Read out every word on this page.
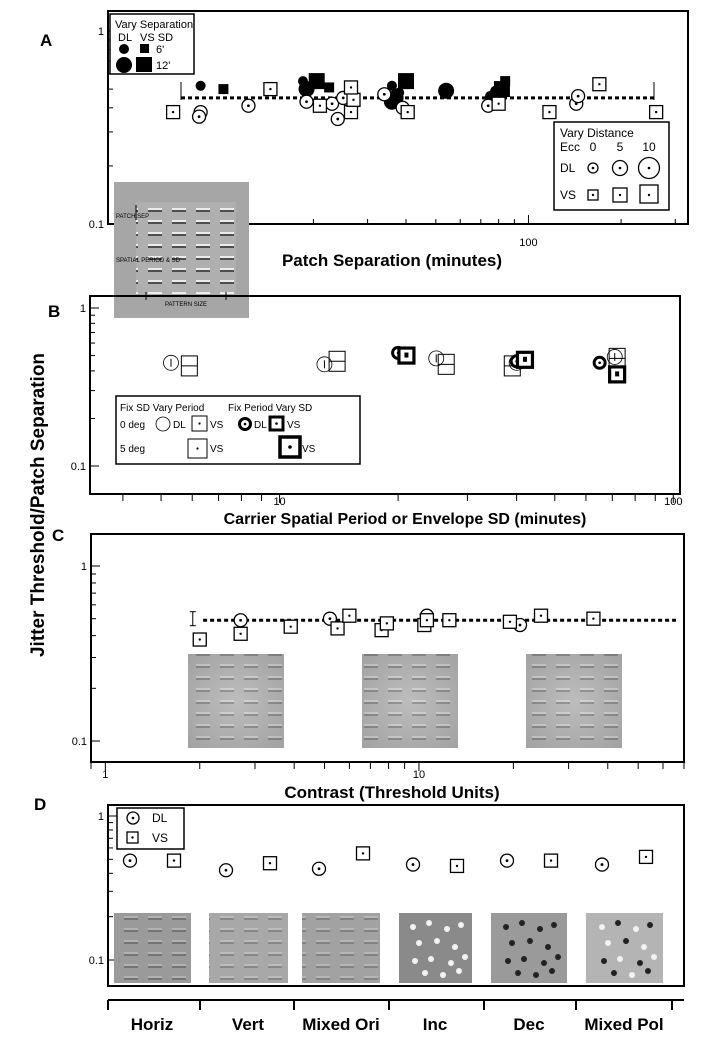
Jitter Threshold/Patch Separation
A
0.1
1
100
Patch Separation (minutes)
Vary Separation
DL VS SD
6'
12'
Vary Distance
Ecc 0 5 10
DL
VS
PATCH SEP
SPATIAL PERIOD & SD
PATTERN SIZE
B
0.1
1
10	100
Carrier Spatial Period or Envelope SD (minutes)
Fix SD Vary Period Fix Period Vary SD
0 deg	DL VS	DL VS
5 deg	VS	VS
C
0.1
1
1	10
Contrast (Threshold Units)
D
0.1
1	DL
VS
Horiz	Vert Mixed Ori	Inc	Dec Mixed Pol
